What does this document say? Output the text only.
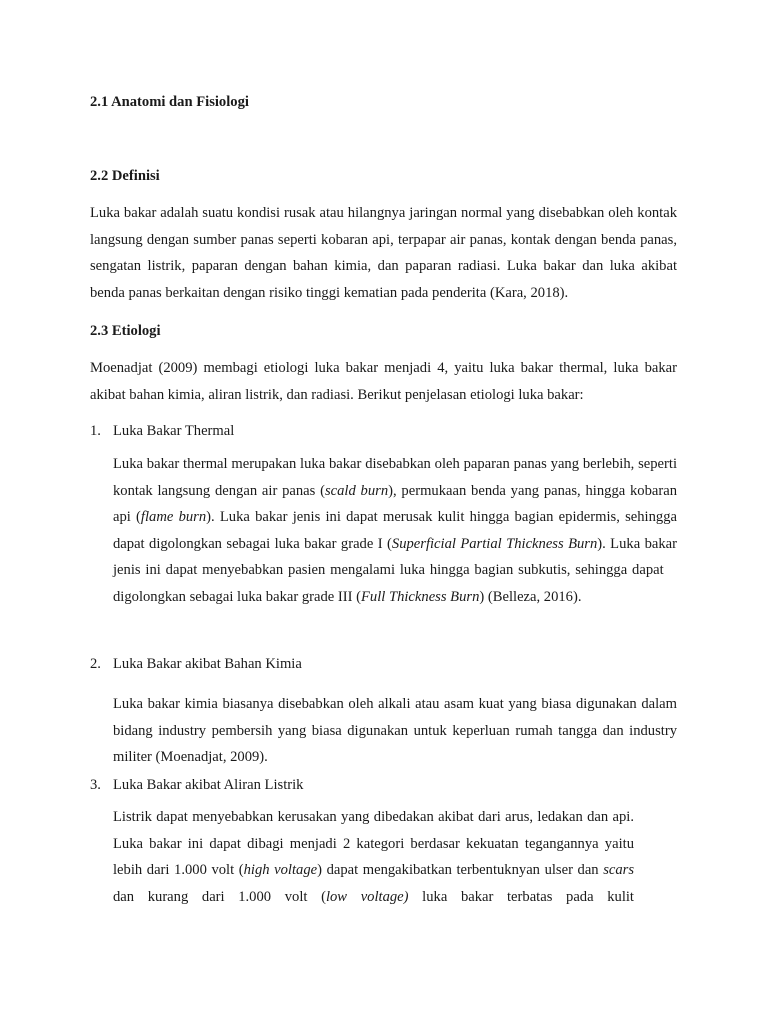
2.1 Anatomi dan Fisiologi
2.2 Definisi

Luka bakar adalah suatu kondisi rusak atau hilangnya jaringan normal yang disebabkan oleh kontak langsung dengan sumber panas seperti kobaran api, terpapar air panas, kontak dengan benda panas, sengatan listrik, paparan dengan bahan kimia, dan paparan radiasi. Luka bakar dan luka akibat benda panas berkaitan dengan risiko tinggi kematian pada penderita (Kara, 2018).

2.3 Etiologi

Moenadjat (2009) membagi etiologi luka bakar menjadi 4, yaitu luka bakar thermal, luka bakar akibat bahan kimia, aliran listrik, dan radiasi. Berikut penjelasan etiologi luka bakar:

1. Luka Bakar Thermal

Luka bakar thermal merupakan luka bakar disebabkan oleh paparan panas yang berlebih, seperti kontak langsung dengan air panas (scald burn), permukaan benda yang panas, hingga kobaran api (flame burn). Luka bakar jenis ini dapat merusak kulit hingga bagian epidermis, sehingga dapat digolongkan sebagai luka bakar grade I (Superficial Partial Thickness Burn). Luka bakar jenis ini dapat menyebabkan pasien mengalami luka hingga bagian subkutis, sehingga dapat    digolongkan sebagai luka bakar grade III (Full Thickness Burn) (Belleza, 2016).

2. Luka Bakar akibat Bahan Kimia

Luka bakar kimia biasanya disebabkan oleh alkali atau asam kuat yang biasa digunakan dalam bidang industry pembersih yang biasa digunakan untuk keperluan rumah tangga dan industry militer (Moenadjat, 2009).

3. Luka Bakar akibat Aliran Listrik

Listrik dapat menyebabkan kerusakan yang dibedakan akibat dari arus, ledakan dan api. Luka bakar ini dapat dibagi menjadi 2 kategori berdasar kekuatan tegangannya yaitu lebih dari 1.000 volt (high voltage) dapat mengakibatkan terbentuknyan ulser dan scars dan kurang dari 1.000 volt (low voltage) luka bakar terbatas pada kulit
